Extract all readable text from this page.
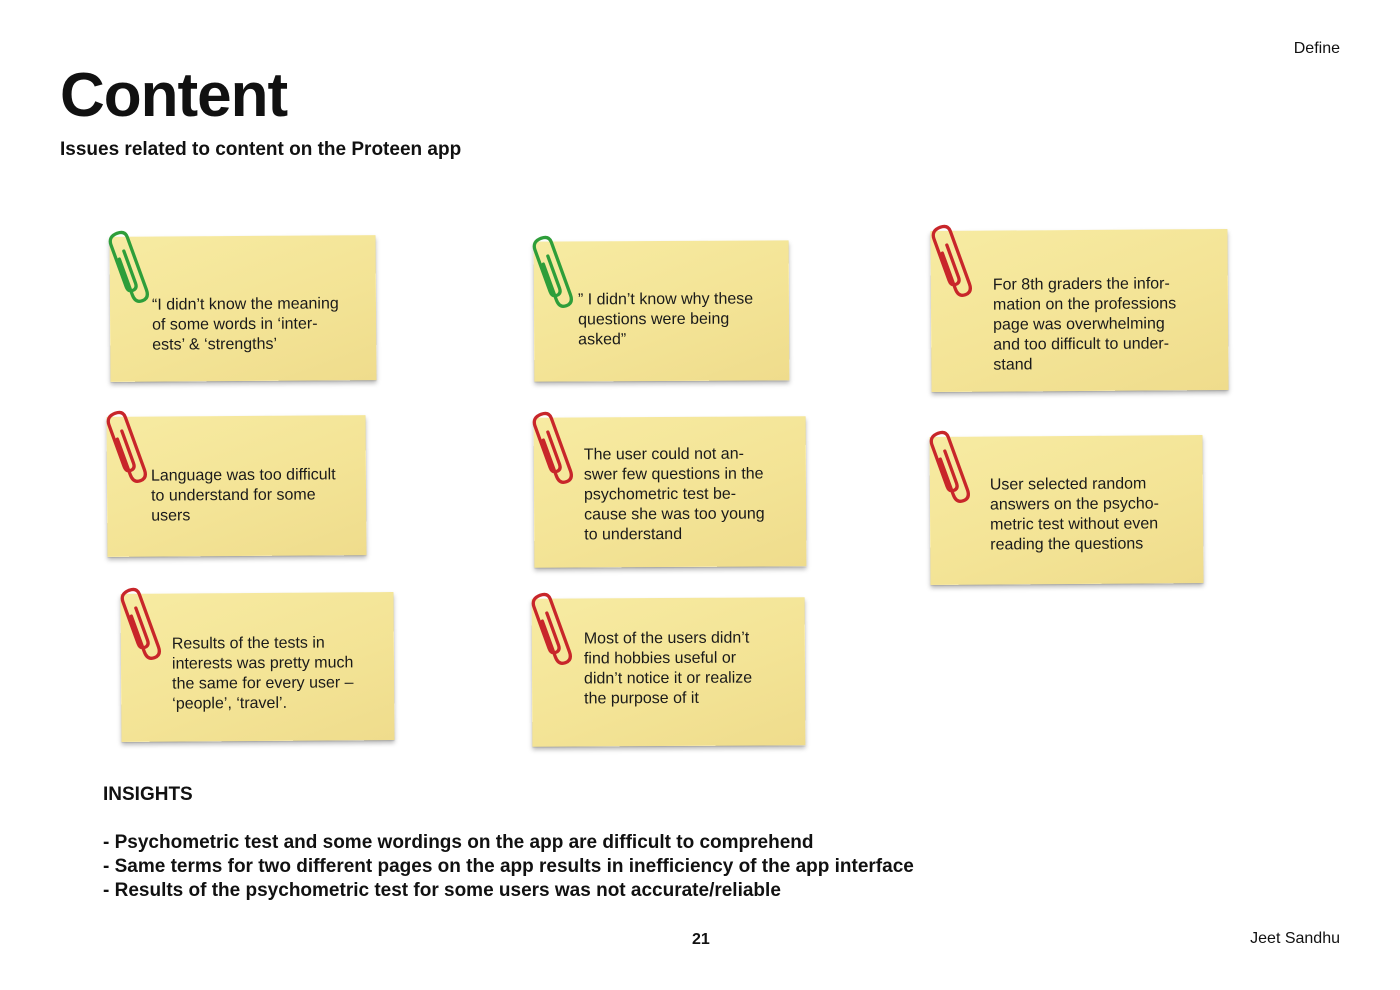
Define
Content
Issues related to content on the Proteen app
“I didn’t know the meaning
of some words in ‘inter-
ests’ & ‘strengths’
Language was too difficult
to understand for some
users
Results of the tests in
interests was pretty much
the same for every user –
‘people’, ‘travel’.
” I didn’t know why these
questions were being
asked”
The user could not an-
swer few questions in the
psychometric test be-
cause she was too young
to understand
Most of the users didn’t
find hobbies useful or
didn’t notice it or realize
the purpose of it
For 8th graders the infor-
mation on the professions
page was overwhelming
and too difficult to under-
stand
User selected random
answers on the psycho-
metric test without even
reading the questions
INSIGHTS
- Psychometric test and some wordings on the app are difficult to comprehend
- Same terms for two different pages on the app results in inefficiency of the app interface
- Results of the psychometric test for some users was not accurate/reliable
21	Jeet Sandhu
